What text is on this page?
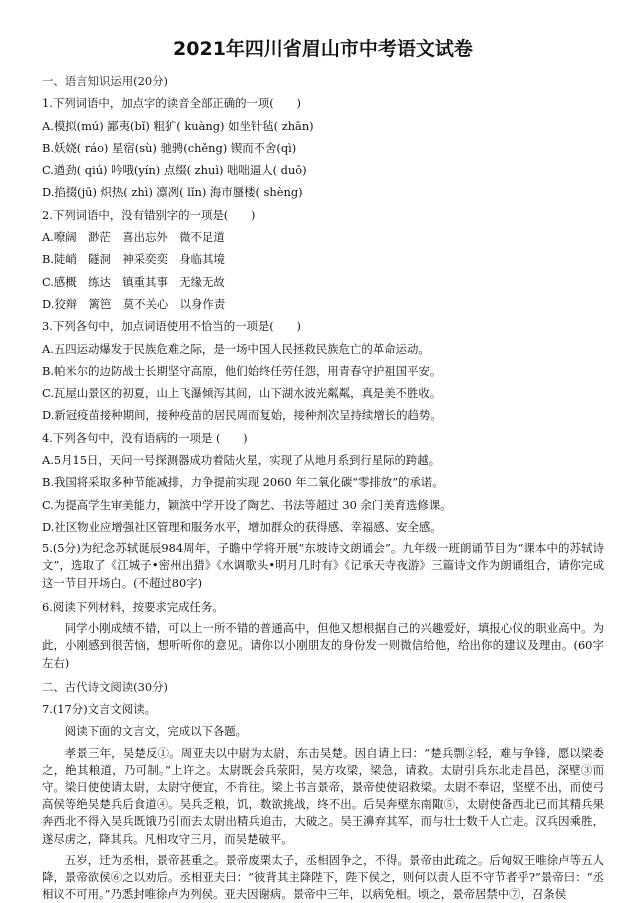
2021年四川省眉山市中考语文试卷
一、语言知识运用(20分)
1.下列词语中，加点字的读音全部正确的一项(　　)
A.模拟(mú) 鄙夷(bǐ) 粗犷( kuàng) 如坐针毡( zhān)
B.妖娆( ráo) 星宿(sù) 驰骋(chěng) 锲而不舍(qì)
C.遒劲( qiú) 吟哦(yín) 点缀( zhuì) 咄咄逼人( duō)
D.掐掇(jū) 炽热( zhì) 凛冽( lǐn) 海市蜃楼( shèng)
2.下列词语中，没有错别字的一项是(　　)
A.嘹阔　渺茫　喜出忘外　微不足道
B.陡峭　隧洞　神采奕奕　身临其境
C.感概　练达　镇重其事　无缘无故
D.狡辩　篱笆　莫不关心　以身作责
3.下列各句中，加点词语使用不恰当的一项是(　　)
A.五四运动爆发于民族危难之际，是一场中国人民拯救民族危亡的革命运动。
B.帕米尔的边防战士长期坚守高原，他们始终任劳任怨，用青春守护祖国平安。
C.瓦屋山景区的初夏，山上飞瀑倾泻其间，山下湖水波光粼粼，真是美不胜收。
D.新冠疫苗接种期间，接种疫苗的居民周而复始，接种剂次呈持续增长的趋势。
4.下列各句中，没有语病的一项是 (　　)
A.5月15日，天问一号探测器成功着陆火星，实现了从地月系到行星际的跨越。
B.我国将采取多种节能减排，力争提前实现 2060 年二氧化碳“零排放”的承诺。
C.为提高学生审美能力，颖滨中学开设了陶艺、书法等超过 30 余门美育选修课。
D.社区物业应增强社区管理和服务水平，增加群众的获得感、幸福感、安全感。
5.(5分)为纪念苏轼诞辰984周年，子瞻中学将开展“东坡诗文朗诵会”。九年级一班朗诵节目为“课本中的苏轼诗文”，选取了《江城子•密州出猎》《水调歌头•明月几时有》《记承天寺夜游》三篇诗文作为朗诵组合，请你完成这一节目开场白。(不超过80字)
6.阅读下列材料，按要求完成任务。
同学小刚成绩不错，可以上一所不错的普通高中，但他又想根据自己的兴趣爱好，填报心仪的职业高中。为此，小刚感到很苦恼，想听听你的意见。请你以小刚朋友的身份发一则微信给他，给出你的建议及理由。(60字左右)
二、古代诗文阅读(30分)
7.(17分)文言文阅读。
阅读下面的文言文，完成以下各题。
孝景三年，吴楚反①。周亚夫以中尉为太尉，东击吴楚。因自请上曰：“楚兵剽②轻，难与争锋，愿以梁委之，绝其粮道，乃可制。”上许之。太尉既会兵荥阳，吴方攻梁，梁急，请救。太尉引兵东北走昌邑，深壁③而守。梁日使使请太尉，太尉守便宜，不肯往。梁上书言景帝，景帝使使诏救梁。太尉不奉诏，坚壁不出，而使弓高侯等绝吴楚兵后食道④。吴兵乏粮，饥，数欲挑战，终不出。后吴奔壁东南陬⑤，太尉使备西北已而其精兵果奔西北不得入吴兵既饿乃引而去太尉出精兵追击，大破之。吴王濞弃其军，而与壮士数千人亡走。汉兵因乘胜，遂尽虏之，降其兵。凡相攻守三月，而吴楚破平。
五岁，迁为丞相，景帝甚重之。景帝废栗太子，丞相固争之，不得。景帝由此疏之。后匈奴王唯徐卢等五人降，景帝欲侯⑥之以劝后。丞相亚夫曰：“彼背其主降陛下，陛下侯之，则何以责人臣不守节者乎?”景帝曰：“丞相议不可用。”乃悉封唯徐卢为列侯。亚夫因谢病。景帝中三年，以病免相。顷之，景帝居禁中⑦，召条侯
